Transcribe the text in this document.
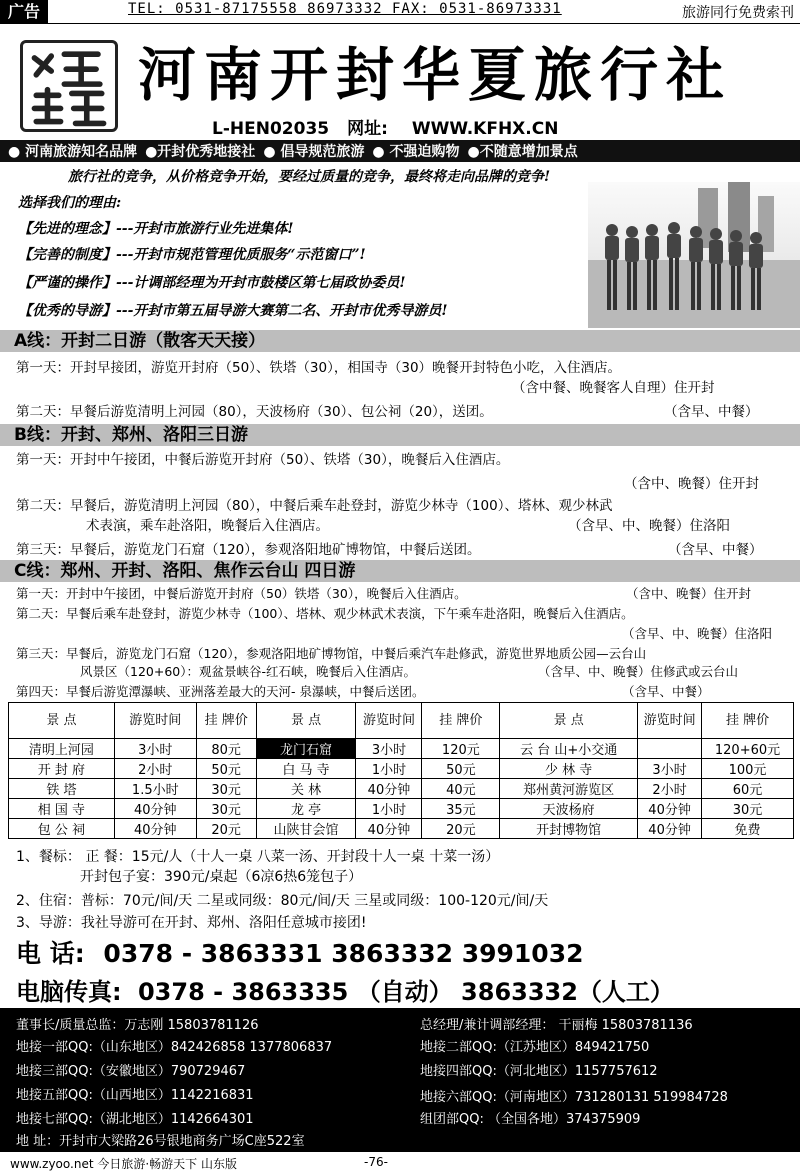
广告	TEL: 0531-87175558 86973332 FAX: 0531-86973331	旅游同行免费索刊
河南开封华夏旅行社
L-HEN02035 网址: WWW.KFHX.CN
● 河南旅游知名品牌 ●开封优秀地接社 ● 倡导规范旅游 ● 不强迫购物 ●不随意增加景点
旅行社的竞争，从价格竞争开始，要经过质量的竞争，最终将走向品牌的竞争!
选择我们的理由:
【先进的理念】---开封市旅游行业先进集体!
【完善的制度】---开封市规范管理优质服务“示范窗口”!
【严谨的操作】---计调部经理为开封市鼓楼区第七届政协委员!
【优秀的导游】---开封市第五届导游大赛第二名、开封市优秀导游员!
A线：开封二日游（散客天天接）
第一天：开封早接团，游览开封府（50）、铁塔（30），相国寺（30）晚餐开封特色小吃，入住酒店。
（含中餐、晚餐客人自理）住开封
第二天：早餐后游览清明上河园（80），天波杨府（30）、包公祠（20），送团。	（含早、中餐）
B线：开封、郑州、洛阳三日游
第一天：开封中午接团，中餐后游览开封府（50）、铁塔（30），晚餐后入住酒店。
（含中、晚餐）住开封
第二天：早餐后，游览清明上河园（80），中餐后乘车赴登封，游览少林寺（100）、塔林、观少林武
术表演，乘车赴洛阳，晚餐后入住酒店。	（含早、中、晚餐）住洛阳
第三天：早餐后，游览龙门石窟（120），参观洛阳地矿博物馆，中餐后送团。	（含早、中餐）
C线：郑州、开封、洛阳、焦作云台山 四日游
第一天：开封中午接团，中餐后游览开封府（50）铁塔（30），晚餐后入住酒店。	（含中、晚餐）住开封
第二天：早餐后乘车赴登封，游览少林寺（100）、塔林、观少林武术表演，下午乘车赴洛阳，晚餐后入住酒店。
（含早、中、晚餐）住洛阳
第三天：早餐后，游览龙门石窟（120），参观洛阳地矿博物馆，中餐后乘汽车赴修武，游览世界地质公园—云台山
风景区（120+60）：观盆景峡谷-红石峡，晚餐后入住酒店。	（含早、中、晚餐）住修武或云台山
第四天：早餐后游览潭瀑峡、亚洲落差最大的天河- 泉瀑峡，中餐后送团。	（含早、中餐）
景 点	游览时间	挂 牌价	景 点	游览时间	挂 牌价	景 点	游览时间	挂 牌价
清明上河园	3小时	80元	龙门石窟	3小时	120元	云 台 山+小交通		120+60元
开 封 府	2小时	50元	白 马 寺	1小时	50元	少 林 寺	3小时	100元
铁 塔	1.5小时	30元	关 林	40分钟	40元	郑州黄河游览区	2小时	60元
相 国 寺	40分钟	30元	龙 亭	1小时	35元	天波杨府	40分钟	30元
包 公 祠	40分钟	20元	山陕甘会馆	40分钟	20元	开封博物馆	40分钟	免费
1、餐标： 正 餐：15元/人（十人一桌 八菜一汤、开封段十人一桌 十菜一汤）
开封包子宴：390元/桌起（6凉6热6笼包子）
2、住宿：普标：70元/间/天 二星或同级：80元/间/天 三星或同级：100-120元/间/天
3、导游：我社导游可在开封、郑州、洛阳任意城市接团!
电 话: 0378 - 3863331 3863332 3991032
电脑传真: 0378 - 3863335 （自动） 3863332（人工）
董事长/质量总监：万志刚 15803781126	总经理/兼计调部经理： 干丽梅 15803781136
地接一部QQ:（山东地区）842426858 1377806837	地接二部QQ:（江苏地区）849421750
地接三部QQ:（安徽地区）790729467	地接四部QQ:（河北地区）1157757612
地接五部QQ:（山西地区）1142216831	地接六部QQ:（河南地区）731280131 519984728
地接七部QQ:（湖北地区）1142664301	组团部QQ: （全国各地）374375909
地 址：开封市大梁路26号银地商务广场C座522室
www.zyoo.net 今日旅游·畅游天下 山东版	-76-
